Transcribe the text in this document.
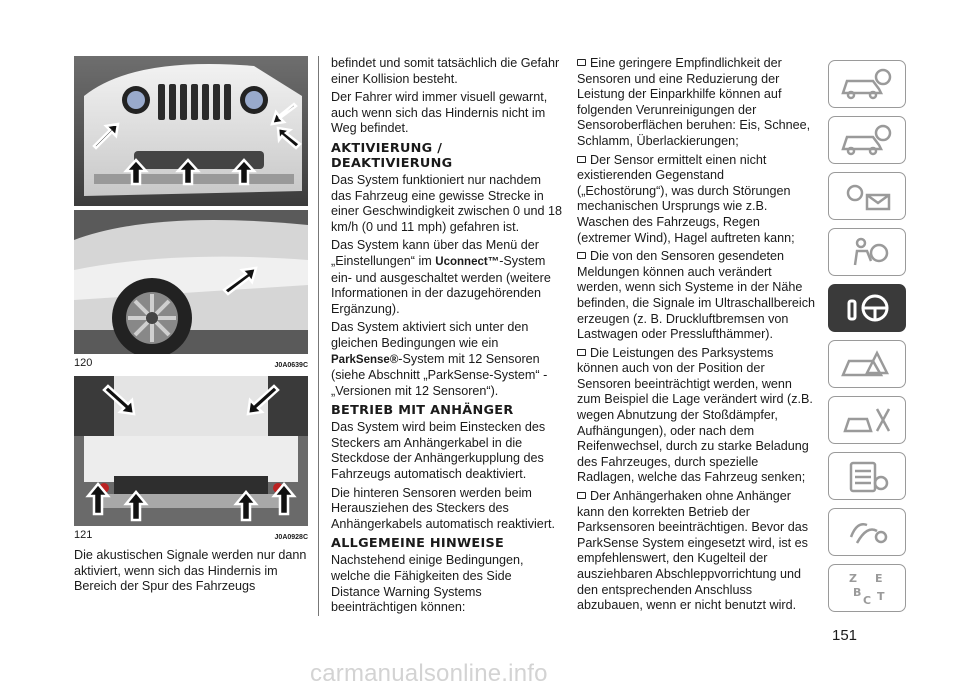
120	J0A0639C
121	J0A0928C

Die akustischen Signale werden nur dann aktiviert, wenn sich das Hindernis im Bereich der Spur des Fahrzeugs

befindet und somit tatsächlich die Gefahr einer Kollision besteht.

Der Fahrer wird immer visuell gewarnt, auch wenn sich das Hindernis nicht im Weg befindet.

AKTIVIERUNG / DEAKTIVIERUNG

Das System funktioniert nur nachdem das Fahrzeug eine gewisse Strecke in einer Geschwindigkeit zwischen 0 und 18 km/h (0 und 11 mph) gefahren ist.

Das System kann über das Menü der „Einstellungen“ im Uconnect™-System ein- und ausgeschaltet werden (weitere Informationen in der dazugehörenden Ergänzung).

Das System aktiviert sich unter den gleichen Bedingungen wie ein ParkSense®-System mit 12 Sensoren (siehe Abschnitt „ParkSense-System“ - „Versionen mit 12 Sensoren“).

BETRIEB MIT ANHÄNGER

Das System wird beim Einstecken des Steckers am Anhängerkabel in die Steckdose der Anhängerkupplung des Fahrzeugs automatisch deaktiviert.

Die hinteren Sensoren werden beim Herausziehen des Steckers des Anhängerkabels automatisch reaktiviert.

ALLGEMEINE HINWEISE

Nachstehend einige Bedingungen, welche die Fähigkeiten des Side Distance Warning Systems beeinträchtigen können:

Eine geringere Empfindlichkeit der Sensoren und eine Reduzierung der Leistung der Einparkhilfe können auf folgenden Verunreinigungen der Sensoroberflächen beruhen: Eis, Schnee, Schlamm, Überlackierungen;

Der Sensor ermittelt einen nicht existierenden Gegenstand („Echostörung“), was durch Störungen mechanischen Ursprungs wie z.B. Waschen des Fahrzeugs, Regen (extremer Wind), Hagel auftreten kann;

Die von den Sensoren gesendeten Meldungen können auch verändert werden, wenn sich Systeme in der Nähe befinden, die Signale im Ultraschallbereich erzeugen (z. B. Druckluftbremsen von Lastwagen oder Presslufthämmer).

Die Leistungen des Parksystems können auch von der Position der Sensoren beeinträchtigt werden, wenn zum Beispiel die Lage verändert wird (z.B. wegen Abnutzung der Stoßdämpfer, Aufhängungen), oder nach dem Reifenwechsel, durch zu starke Beladung des Fahrzeuges, durch spezielle Radlagen, welche das Fahrzeug senken;

Der Anhängerhaken ohne Anhänger kann den korrekten Betrieb der Parksensoren beeinträchtigen. Bevor das ParkSense System eingesetzt wird, ist es empfehlenswert, den Kugelteil der ausziehbaren Abschleppvorrichtung und den entsprechenden Anschluss abzubauen, wenn er nicht benutzt wird.

Z E
B
C T
151
carmanualsonline.info
